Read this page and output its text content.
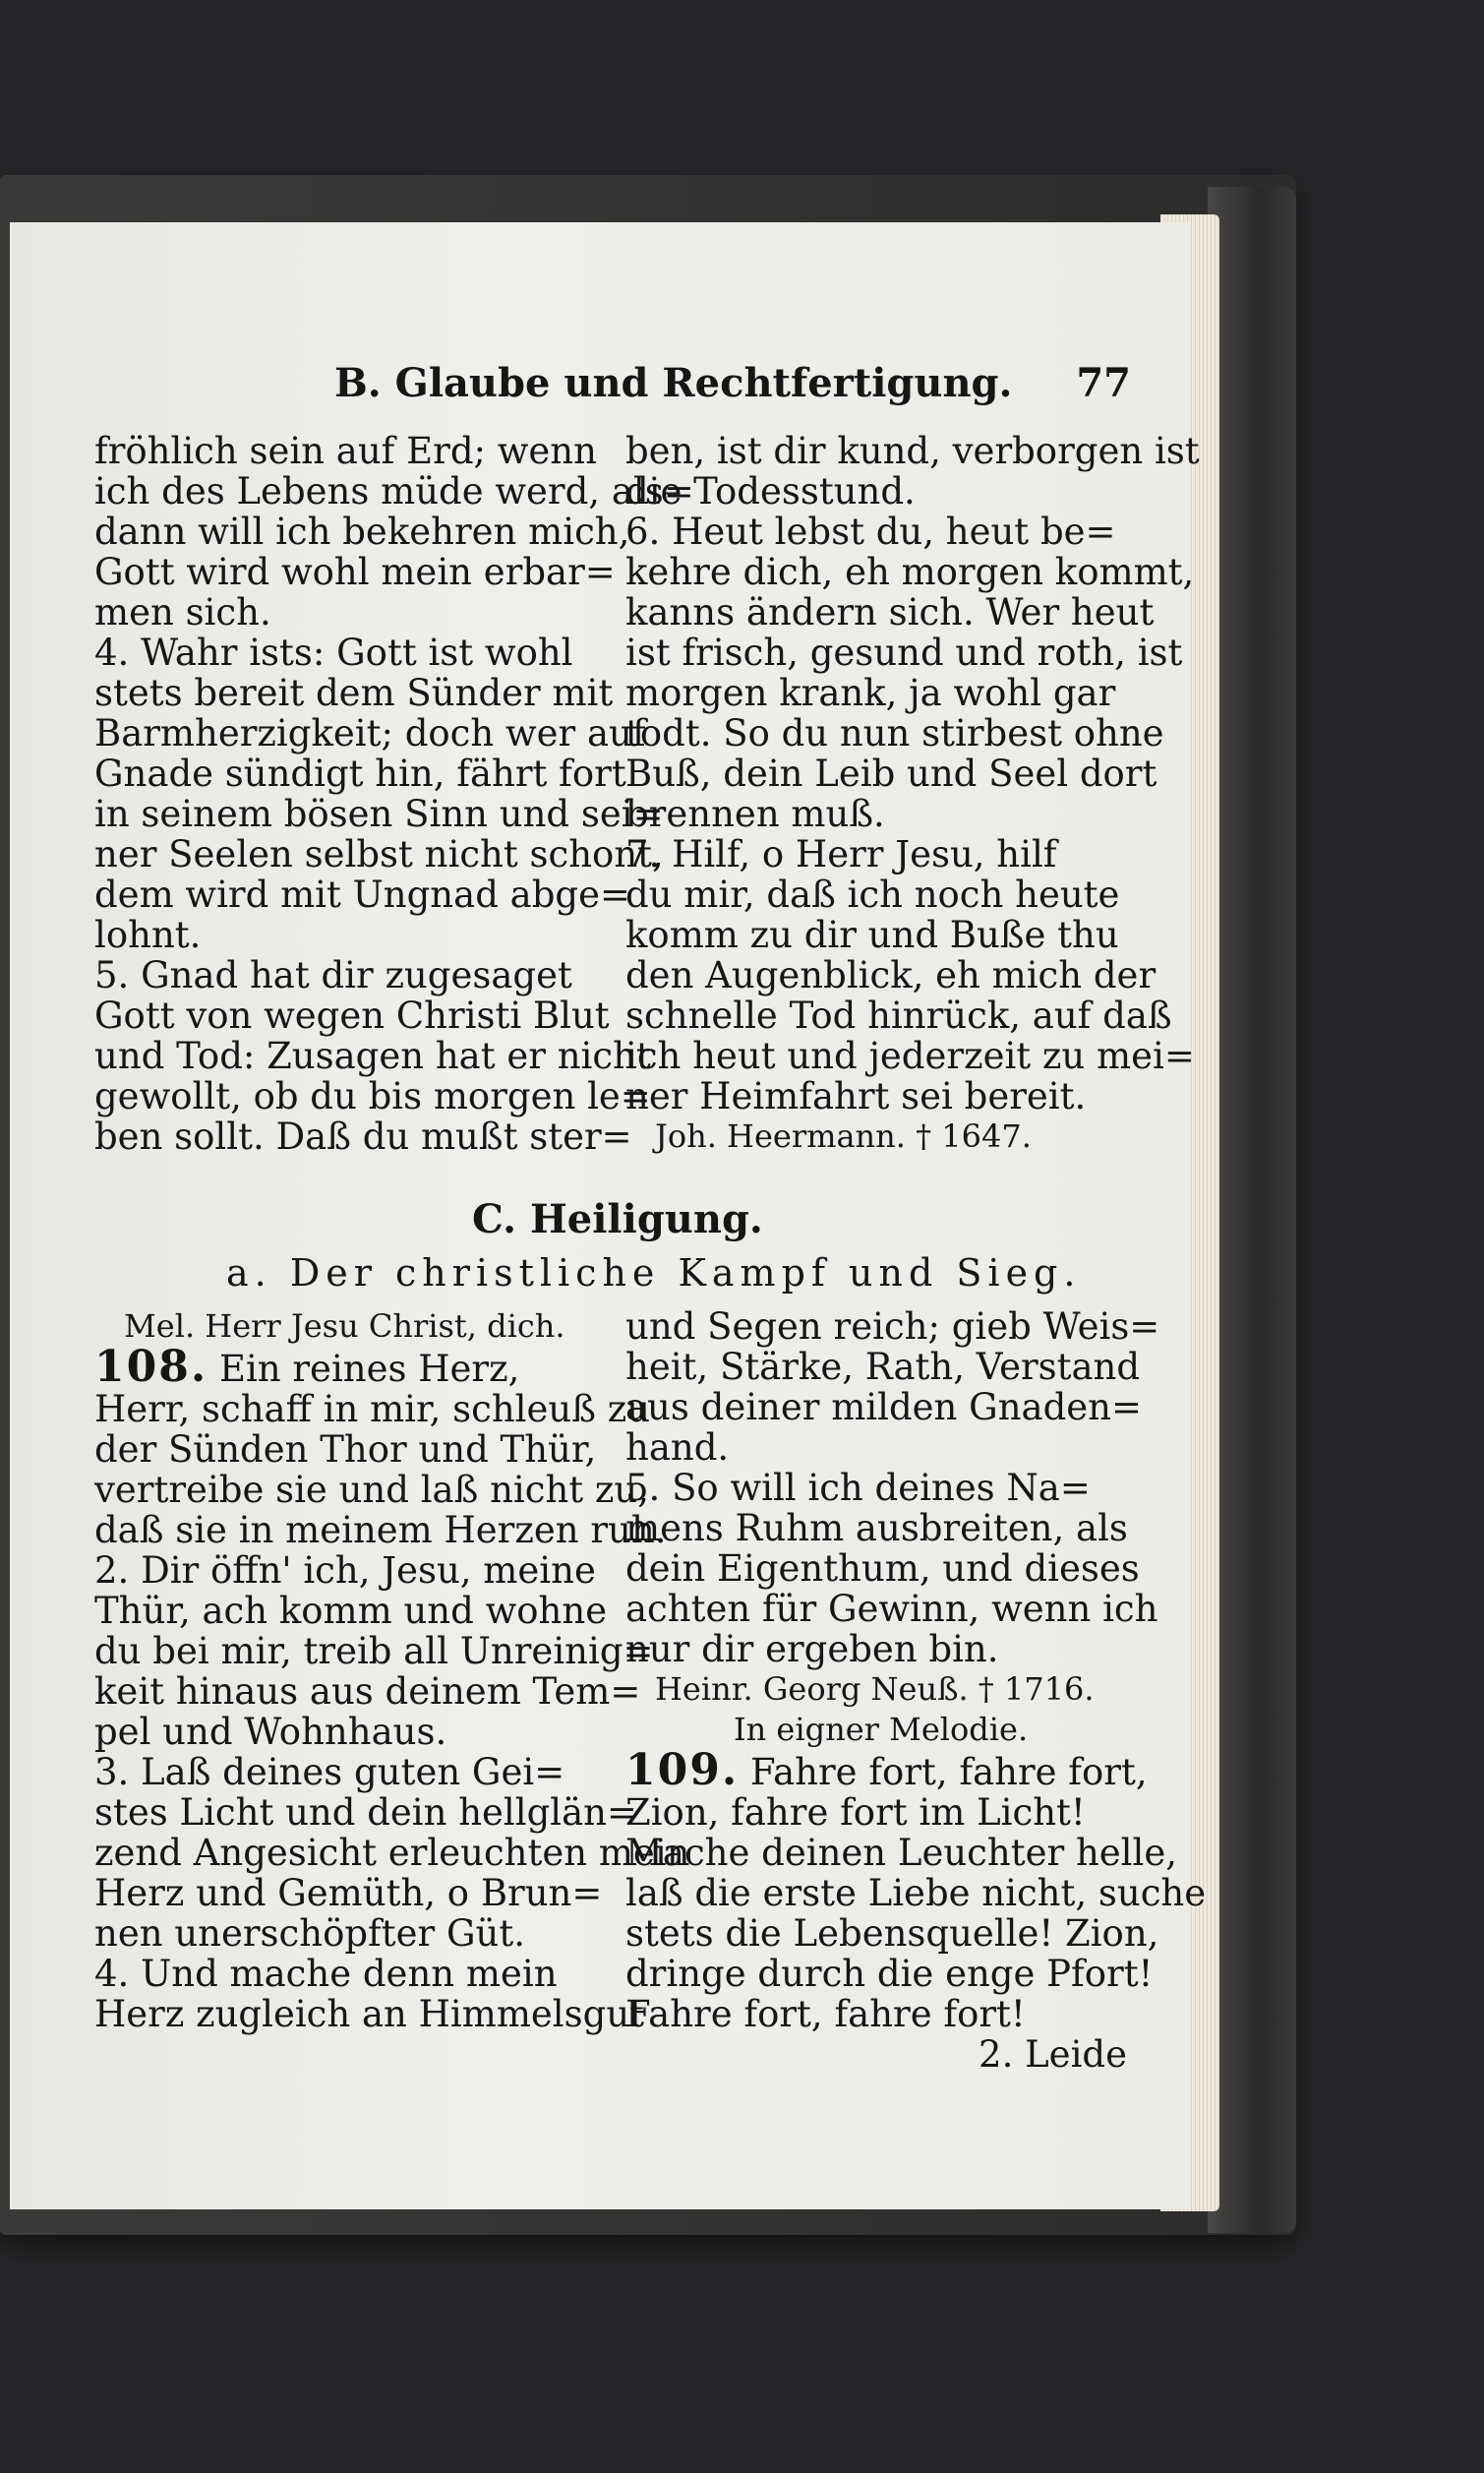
B. Glaube und Rechtfertigung. 77

fröhlich sein auf Erd; wenn

ich des Lebens müde werd, als=

dann will ich bekehren mich,

Gott wird wohl mein erbar=

men sich.

4. Wahr ists: Gott ist wohl

stets bereit dem Sünder mit

Barmherzigkeit; doch wer auf

Gnade sündigt hin, fährt fort

in seinem bösen Sinn und sei=

ner Seelen selbst nicht schont,

dem wird mit Ungnad abge=

lohnt.

5. Gnad hat dir zugesaget

Gott von wegen Christi Blut

und Tod: Zusagen hat er nicht

gewollt, ob du bis morgen le=

ben sollt. Daß du mußt ster=

ben, ist dir kund, verborgen ist

die Todesstund.

6. Heut lebst du, heut be=

kehre dich, eh morgen kommt,

kanns ändern sich. Wer heut

ist frisch, gesund und roth, ist

morgen krank, ja wohl gar

todt. So du nun stirbest ohne

Buß, dein Leib und Seel dort

brennen muß.

7. Hilf, o Herr Jesu, hilf

du mir, daß ich noch heute

komm zu dir und Buße thu

den Augenblick, eh mich der

schnelle Tod hinrück, auf daß

ich heut und jederzeit zu mei=

ner Heimfahrt sei bereit.

Joh. Heermann. † 1647.

C. Heiligung.
a. Der christliche Kampf und Sieg.

Mel. Herr Jesu Christ, dich.

108. Ein reines Herz,

Herr, schaff in mir, schleuß zu

der Sünden Thor und Thür,

vertreibe sie und laß nicht zu,

daß sie in meinem Herzen ruh.

2. Dir öffn' ich, Jesu, meine

Thür, ach komm und wohne

du bei mir, treib all Unreinig=

keit hinaus aus deinem Tem=

pel und Wohnhaus.

3. Laß deines guten Gei=

stes Licht und dein hellglän=

zend Angesicht erleuchten mein

Herz und Gemüth, o Brun=

nen unerschöpfter Güt.

4. Und mache denn mein

Herz zugleich an Himmelsgut

und Segen reich; gieb Weis=

heit, Stärke, Rath, Verstand

aus deiner milden Gnaden=

hand.

5. So will ich deines Na=

mens Ruhm ausbreiten, als

dein Eigenthum, und dieses

achten für Gewinn, wenn ich

nur dir ergeben bin.

Heinr. Georg Neuß. † 1716.

In eigner Melodie.

109. Fahre fort, fahre fort,

Zion, fahre fort im Licht!

Mache deinen Leuchter helle,

laß die erste Liebe nicht, suche

stets die Lebensquelle! Zion,

dringe durch die enge Pfort!

Fahre fort, fahre fort!

2. Leide
